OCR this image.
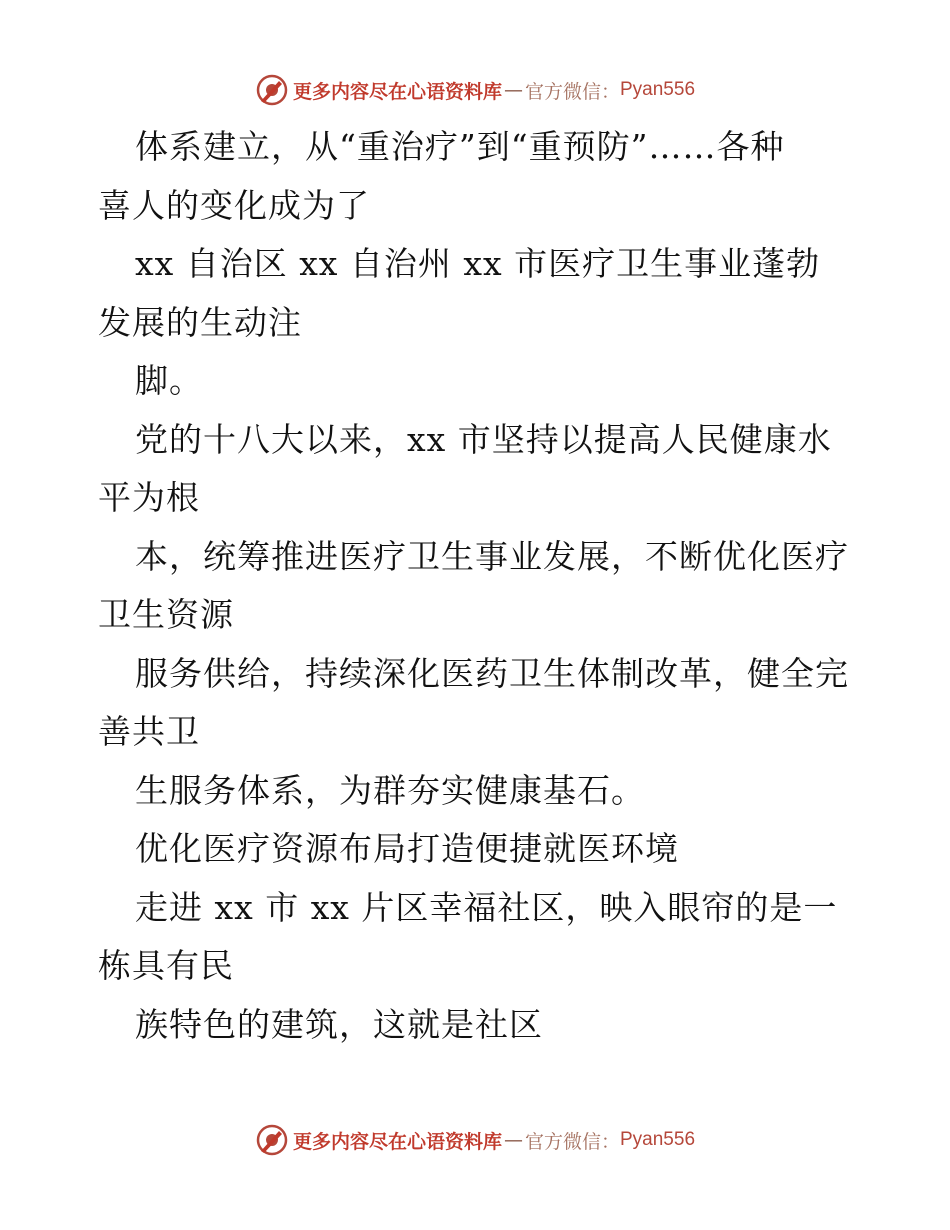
更多内容尽在心语资料库 — 官方微信： Pyan556
体系建立，从“重治疗”到“重预防”……各种
喜人的变化成为了
xx 自治区 xx 自治州 xx 市医疗卫生事业蓬勃
发展的生动注
脚。
党的十八大以来，xx 市坚持以提高人民健康水
平为根
本，统筹推进医疗卫生事业发展，不断优化医疗
卫生资源
服务供给，持续深化医药卫生体制改革，健全完
善共卫
生服务体系，为群夯实健康基石。
优化医疗资源布局打造便捷就医环境
走进 xx 市 xx 片区幸福社区，映入眼帘的是一
栋具有民
族特色的建筑，这就是社区
更多内容尽在心语资料库 — 官方微信： Pyan556
